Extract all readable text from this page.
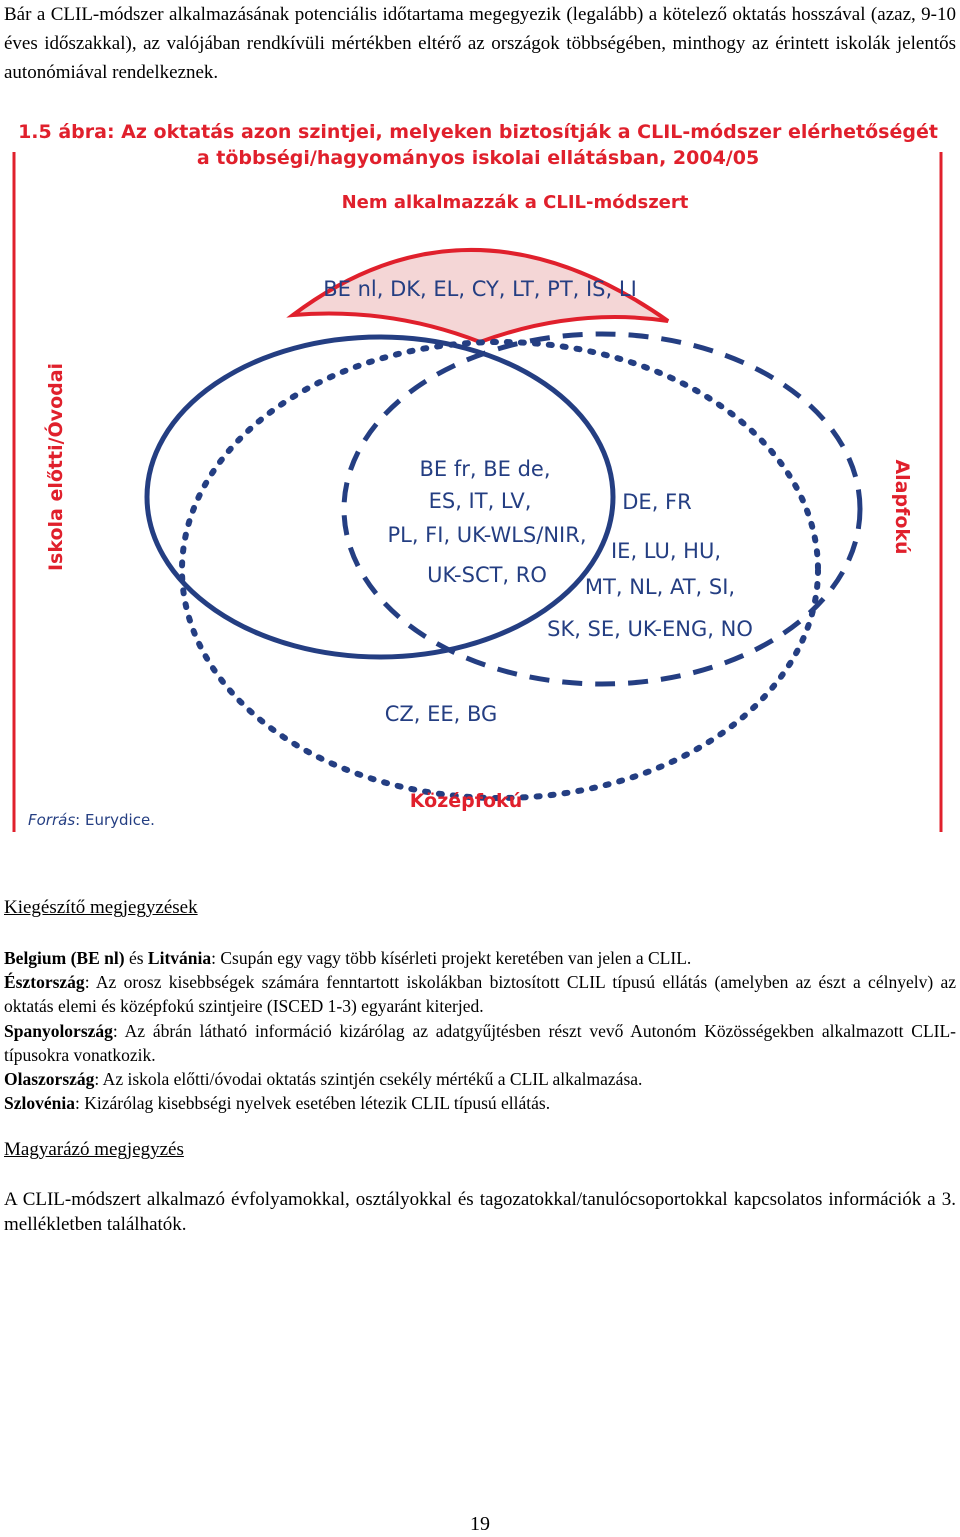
Bár a CLIL-módszer alkalmazásának potenciális időtartama megegyezik (legalább) a kötelező oktatás hosszával (azaz, 9-10 éves időszakkal), az valójában rendkívüli mértékben eltérő az országok többségében, minthogy az érintett iskolák jelentős autonómiával rendelkeznek.
1.5 ábra: Az oktatás azon szintjei, melyeken biztosítják a CLIL-módszer elérhetőségét
a többségi/hagyományos iskolai ellátásban, 2004/05
Nem alkalmazzák a CLIL-módszert
BE nl, DK, EL, CY, LT, PT, IS, LI
Iskola előtti/Óvodai	Alapfokú
Középfokú
BE fr, BE de,
ES, IT, LV,
PL, FI, UK-WLS/NIR,
UK-SCT, RO
DE, FR
IE, LU, HU,
MT, NL, AT, SI,
SK, SE, UK-ENG, NO
CZ, EE, BG
Forrás: Eurydice.
Kiegészítő megjegyzések

Belgium (BE nl) és Litvánia: Csupán egy vagy több kísérleti projekt keretében van jelen a CLIL.

Észtország: Az orosz kisebbségek számára fenntartott iskolákban biztosított CLIL típusú ellátás (amelyben az észt a célnyelv) az oktatás elemi és középfokú szintjeire (ISCED 1-3) egyaránt kiterjed.

Spanyolország: Az ábrán látható információ kizárólag az adatgyűjtésben részt vevő Autonóm Közösségekben alkalmazott CLIL-típusokra vonatkozik.

Olaszország: Az iskola előtti/óvodai oktatás szintjén csekély mértékű a CLIL alkalmazása.

Szlovénia: Kizárólag kisebbségi nyelvek esetében létezik CLIL típusú ellátás.

Magyarázó megjegyzés
A CLIL-módszert alkalmazó évfolyamokkal, osztályokkal és tagozatokkal/tanulócsoportokkal kapcsolatos információk a 3. mellékletben találhatók.
19
